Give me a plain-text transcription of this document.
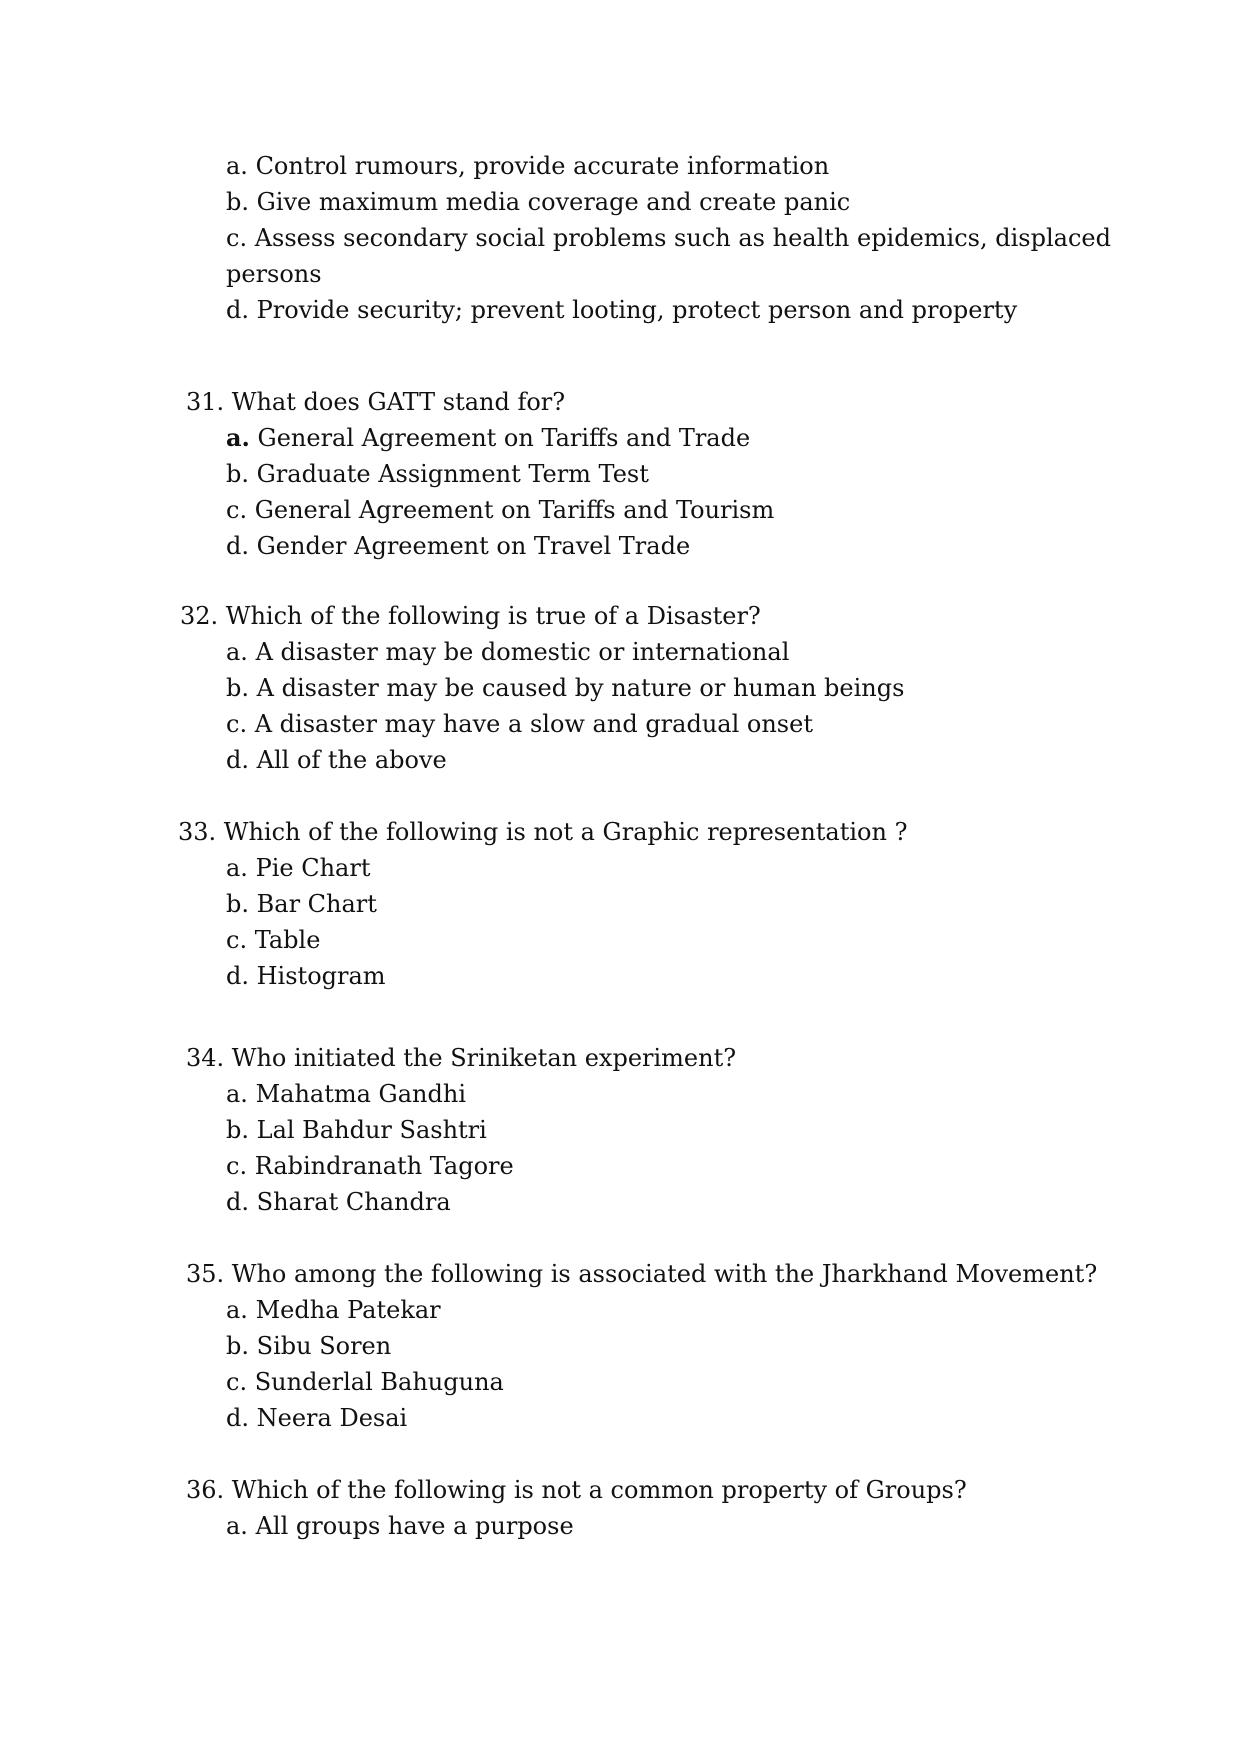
a. Control rumours, provide accurate information
b. Give maximum media coverage and create panic
c. Assess secondary social problems such as health epidemics, displaced
persons
d. Provide security; prevent looting, protect person and property
31. What does GATT stand for?
a. General Agreement on Tariffs and Trade
b. Graduate Assignment Term Test
c. General Agreement on Tariffs and Tourism
d. Gender Agreement on Travel Trade
32. Which of the following is true of a Disaster?
a. A disaster may be domestic or international
b. A disaster may be caused by nature or human beings
c. A disaster may have a slow and gradual onset
d. All of the above
33. Which of the following is not a Graphic representation ?
a. Pie Chart
b. Bar Chart
c. Table
d. Histogram
34. Who initiated the Sriniketan experiment?
a. Mahatma Gandhi
b. Lal Bahdur Sashtri
c. Rabindranath Tagore
d. Sharat Chandra
35. Who among the following is associated with the Jharkhand Movement?
a. Medha Patekar
b. Sibu Soren
c. Sunderlal Bahuguna
d. Neera Desai
36. Which of the following is not a common property of Groups?
a. All groups have a purpose
